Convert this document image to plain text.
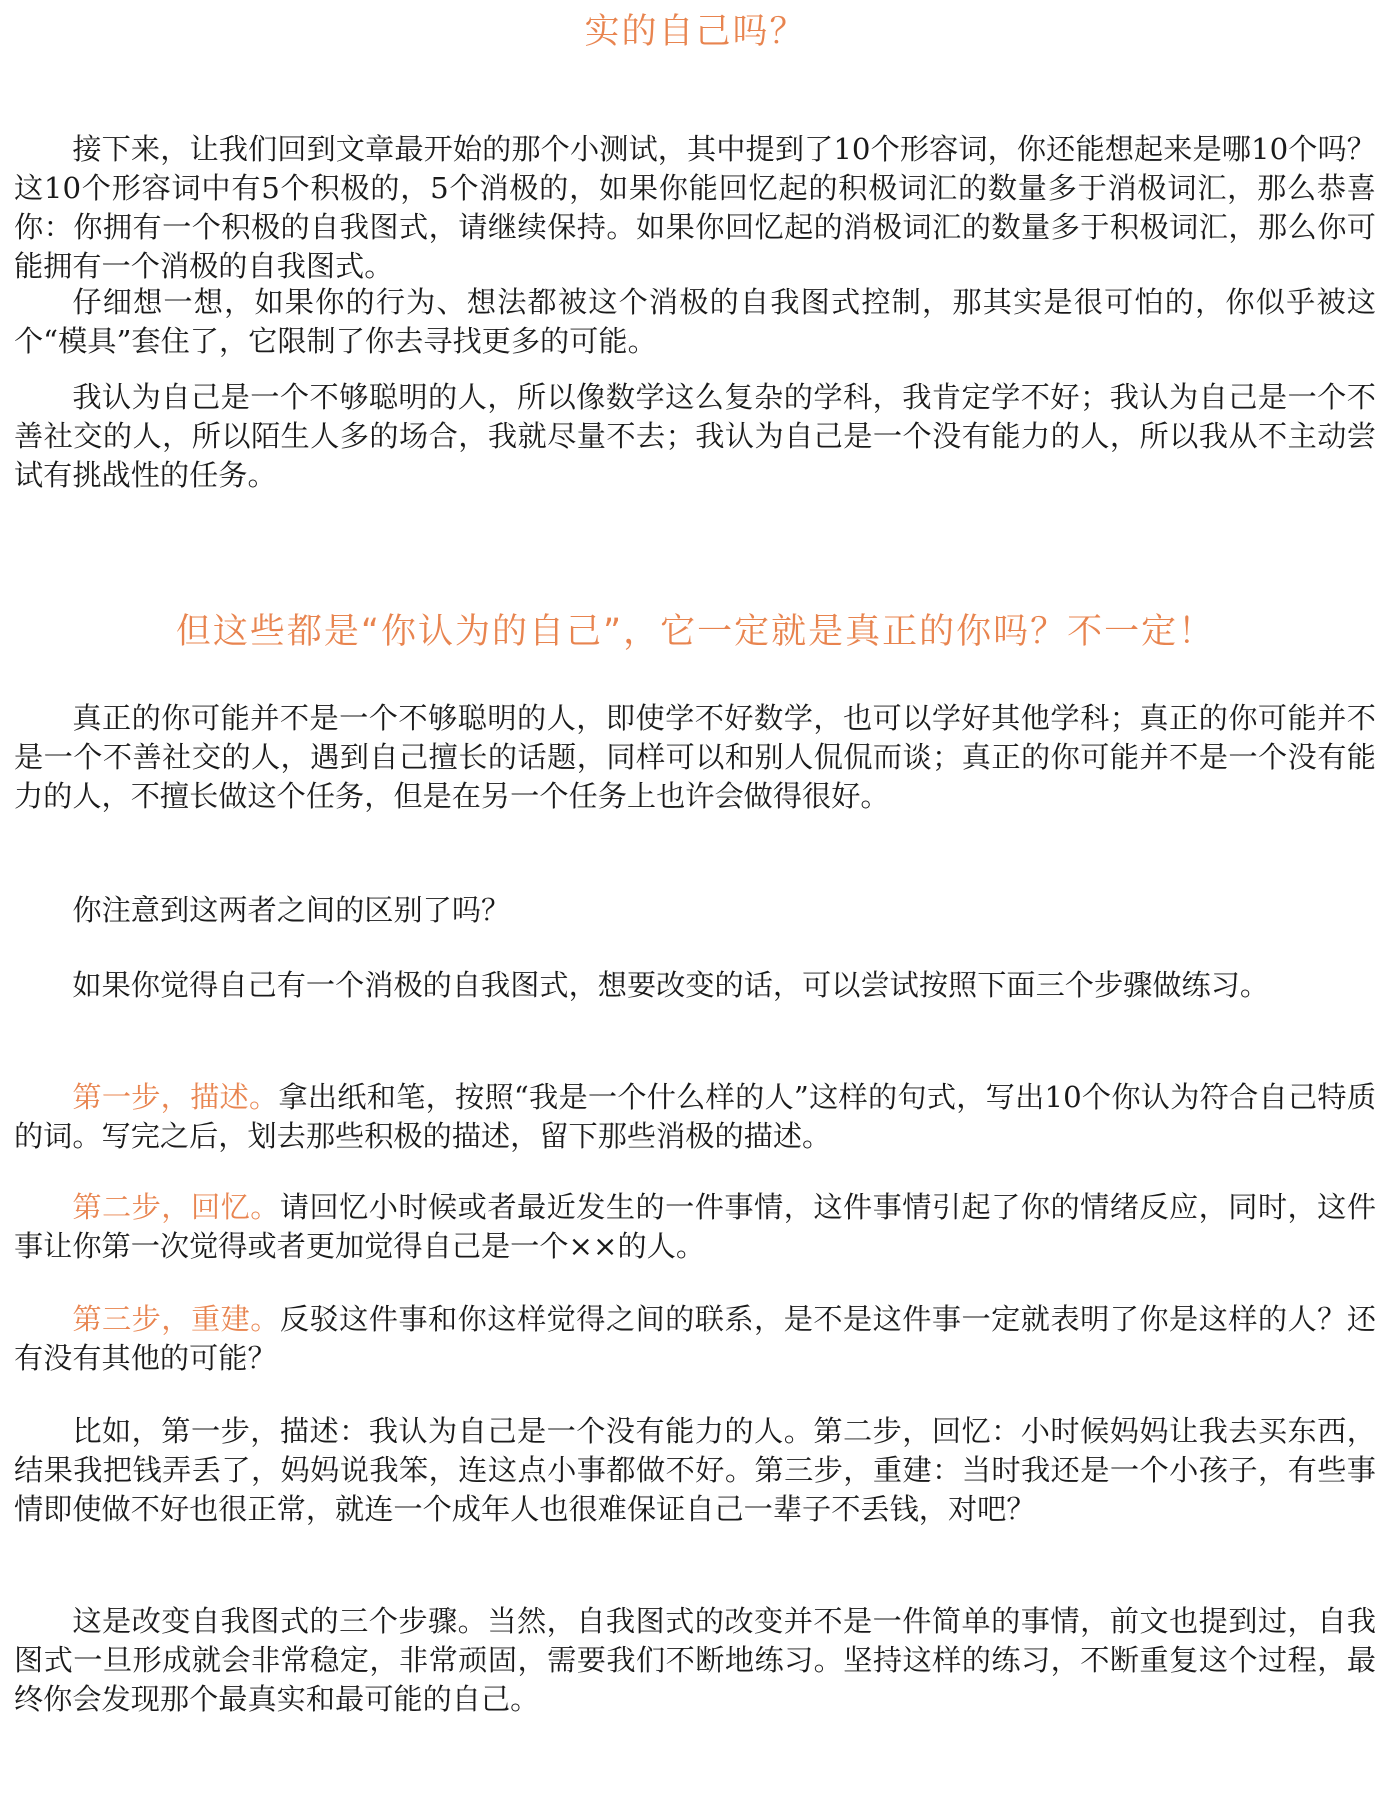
实的自己吗？

接下来，让我们回到文章最开始的那个小测试，其中提到了10个形容词，你还能想起来是哪10个吗？这10个形容词中有5个积极的，5个消极的，如果你能回忆起的积极词汇的数量多于消极词汇，那么恭喜你：你拥有一个积极的自我图式，请继续保持。如果你回忆起的消极词汇的数量多于积极词汇，那么你可能拥有一个消极的自我图式。

仔细想一想，如果你的行为、想法都被这个消极的自我图式控制，那其实是很可怕的，你似乎被这个“模具”套住了，它限制了你去寻找更多的可能。

我认为自己是一个不够聪明的人，所以像数学这么复杂的学科，我肯定学不好；我认为自己是一个不善社交的人，所以陌生人多的场合，我就尽量不去；我认为自己是一个没有能力的人，所以我从不主动尝试有挑战性的任务。

但这些都是“你认为的自己”，它一定就是真正的你吗？不一定！

真正的你可能并不是一个不够聪明的人，即使学不好数学，也可以学好其他学科；真正的你可能并不是一个不善社交的人，遇到自己擅长的话题，同样可以和别人侃侃而谈；真正的你可能并不是一个没有能力的人，不擅长做这个任务，但是在另一个任务上也许会做得很好。

你注意到这两者之间的区别了吗？

如果你觉得自己有一个消极的自我图式，想要改变的话，可以尝试按照下面三个步骤做练习。

第一步，描述。拿出纸和笔，按照“我是一个什么样的人”这样的句式，写出10个你认为符合自己特质的词。写完之后，划去那些积极的描述，留下那些消极的描述。

第二步，回忆。请回忆小时候或者最近发生的一件事情，这件事情引起了你的情绪反应，同时，这件事让你第一次觉得或者更加觉得自己是一个××的人。

第三步，重建。反驳这件事和你这样觉得之间的联系，是不是这件事一定就表明了你是这样的人？还有没有其他的可能？

比如，第一步，描述：我认为自己是一个没有能力的人。第二步，回忆：小时候妈妈让我去买东西，结果我把钱弄丢了，妈妈说我笨，连这点小事都做不好。第三步，重建：当时我还是一个小孩子，有些事情即使做不好也很正常，就连一个成年人也很难保证自己一辈子不丢钱，对吧？

这是改变自我图式的三个步骤。当然，自我图式的改变并不是一件简单的事情，前文也提到过，自我图式一旦形成就会非常稳定，非常顽固，需要我们不断地练习。坚持这样的练习，不断重复这个过程，最终你会发现那个最真实和最可能的自己。
